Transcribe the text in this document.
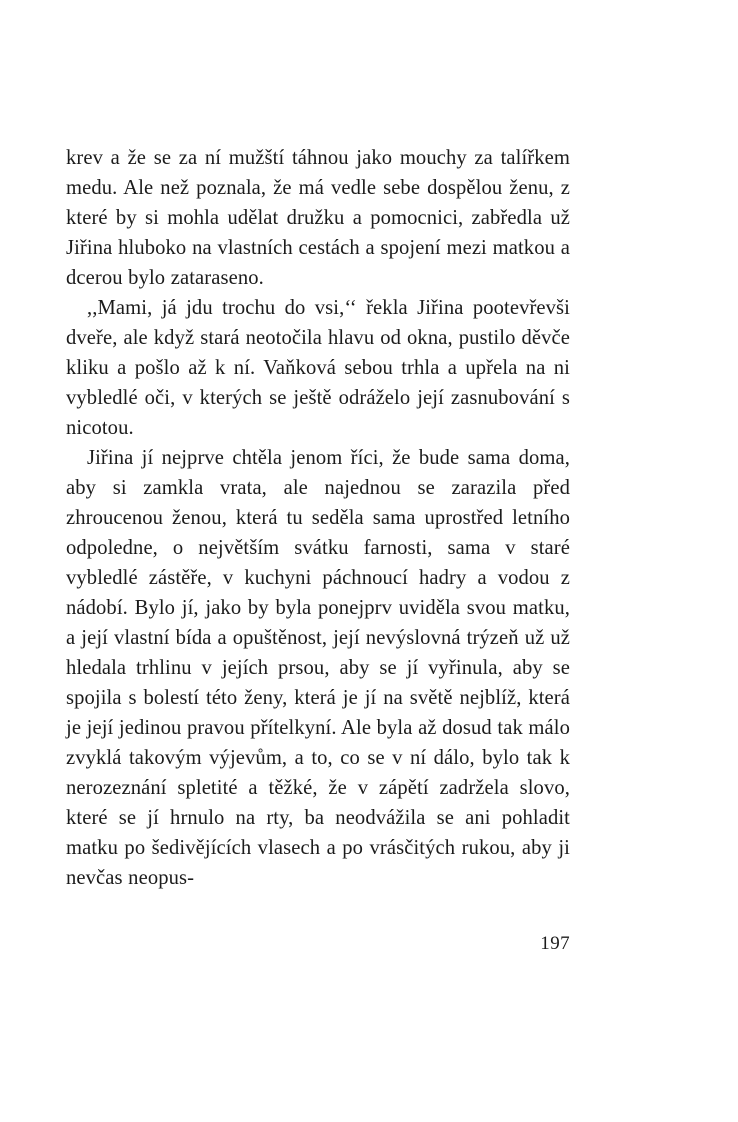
krev a že se za ní mužští táhnou jako mouchy za talířkem medu. Ale než poznala, že má vedle sebe dospělou ženu, z které by si mohla udělat družku a pomocnici, zabředla už Jiřina hluboko na vlastních cestách a spojení mezi matkou a dcerou bylo zataraseno.

,,Mami, já jdu trochu do vsi,‘‘ řekla Jiřina pootevřevši dveře, ale když stará neotočila hlavu od okna, pustilo děvče kliku a pošlo až k ní. Vaňková sebou trhla a upřela na ni vybledlé oči, v kterých se ještě odráželo její zasnubování s nicotou.

Jiřina jí nejprve chtěla jenom říci, že bude sama doma, aby si zamkla vrata, ale najednou se zarazila před zhroucenou ženou, která tu seděla sama uprostřed letního odpoledne, o největším svátku farnosti, sama v staré vybledlé zástěře, v kuchyni páchnoucí hadry a vodou z nádobí. Bylo jí, jako by byla ponejprv uviděla svou matku, a její vlastní bída a opuštěnost, její nevýslovná trýzeň už už hledala trhlinu v jejích prsou, aby se jí vyřinula, aby se spojila s bolestí této ženy, která je jí na světě nejblíž, která je její jedinou pravou přítelkyní. Ale byla až dosud tak málo zvyklá takovým výjevům, a to, co se v ní dálo, bylo tak k nerozeznání spletité a těžké, že v zápětí zadržela slovo, které se jí hrnulo na rty, ba neodvážila se ani pohladit matku po šedivějících vlasech a po vrásčitých rukou, aby ji nevčas neopus-

197
